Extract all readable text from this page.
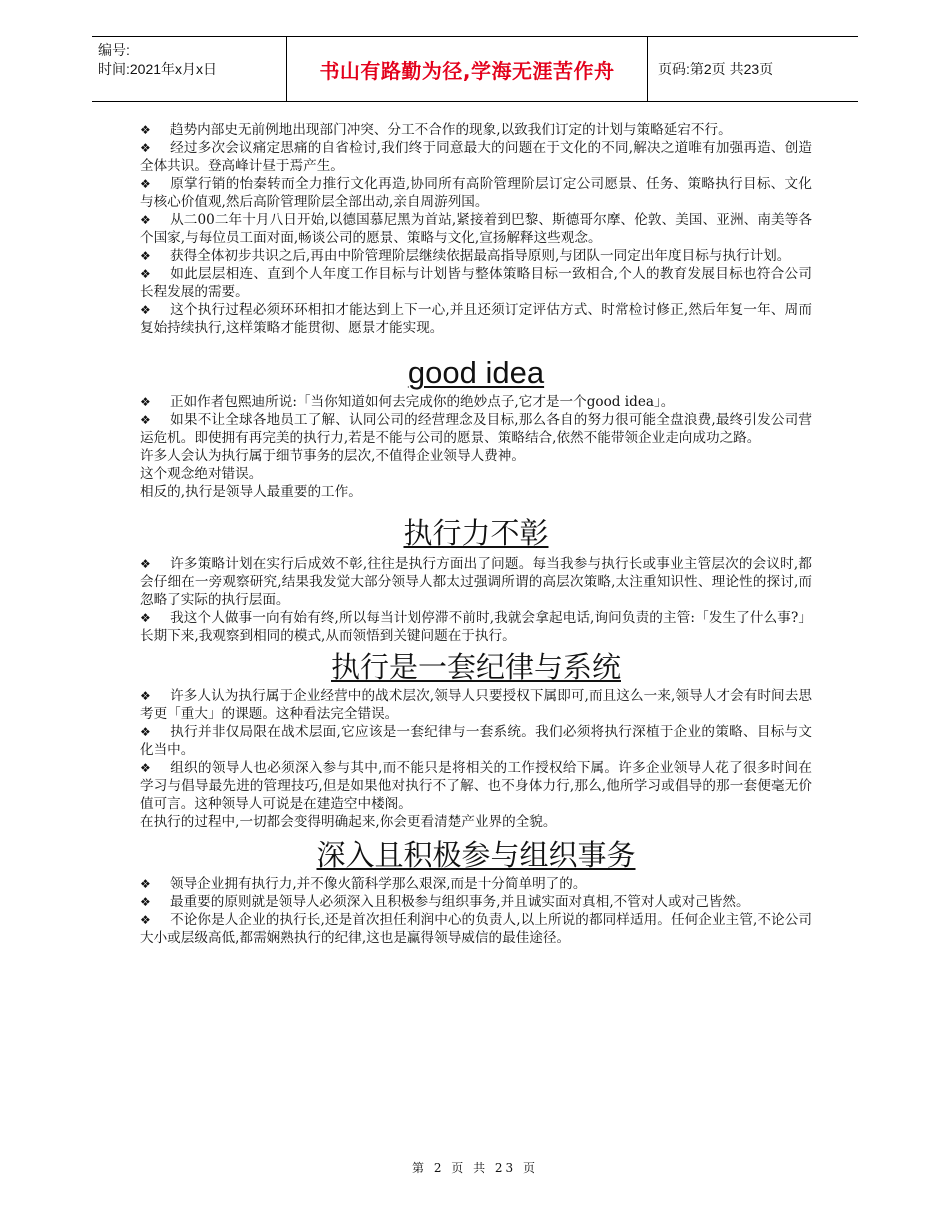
编号:
时间:2021年x月x日	书山有路勤为径,学海无涯苦作舟	页码:第2页 共23页

❖ 趋势内部史无前例地出现部门冲突、分工不合作的现象,以致我们订定的计划与策略延宕不行。

❖ 经过多次会议痛定思痛的自省检讨,我们终于同意最大的问题在于文化的不同,解决之道唯有加强再造、创造全体共识。登高峰计昼于焉产生。

❖ 原掌行销的怡秦转而全力推行文化再造,协同所有高阶管理阶层订定公司愿景、任务、策略执行目标、文化与核心价值观,然后高阶管理阶层全部出动,亲自周游列国。

❖ 从二00二年十月八日开始,以德国慕尼黑为首站,紧接着到巴黎、斯德哥尔摩、伦敦、美国、亚洲、南美等各个国家,与每位员工面对面,畅谈公司的愿景、策略与文化,宣扬解释这些观念。

❖ 获得全体初步共识之后,再由中阶管理阶层继续依据最高指导原则,与团队一同定出年度目标与执行计划。

❖ 如此层层相连、直到个人年度工作目标与计划皆与整体策略目标一致相合,个人的教育发展目标也符合公司长程发展的需要。

❖ 这个执行过程必须环环相扣才能达到上下一心,并且还须订定评估方式、时常检讨修正,然后年复一年、周而复始持续执行,这样策略才能贯彻、愿景才能实现。

good idea

❖ 正如作者包熙迪所说:「当你知道如何去完成你的绝妙点子,它才是一个good idea」。

❖ 如果不让全球各地员工了解、认同公司的经营理念及目标,那么各自的努力很可能全盘浪费,最终引发公司营运危机。即使拥有再完美的执行力,若是不能与公司的愿景、策略结合,依然不能带领企业走向成功之路。

许多人会认为执行属于细节事务的层次,不值得企业领导人费神。

这个观念绝对错误。

相反的,执行是领导人最重要的工作。

执行力不彰

❖ 许多策略计划在实行后成效不彰,往往是执行方面出了问题。每当我参与执行长或事业主管层次的会议时,都会仔细在一旁观察研究,结果我发觉大部分领导人都太过强调所谓的高层次策略,太注重知识性、理论性的探讨,而忽略了实际的执行层面。

❖ 我这个人做事一向有始有终,所以每当计划停滞不前时,我就会拿起电话,询问负责的主管:「发生了什么事?」长期下来,我观察到相同的模式,从而领悟到关键问题在于执行。

执行是一套纪律与系统

❖ 许多人认为执行属于企业经营中的战术层次,领导人只要授权下属即可,而且这么一来,领导人才会有时间去思考更「重大」的课题。这种看法完全错误。

❖ 执行并非仅局限在战术层面,它应该是一套纪律与一套系统。我们必须将执行深植于企业的策略、目标与文化当中。

❖ 组织的领导人也必须深入参与其中,而不能只是将相关的工作授权给下属。许多企业领导人花了很多时间在学习与倡导最先进的管理技巧,但是如果他对执行不了解、也不身体力行,那么,他所学习或倡导的那一套便毫无价值可言。这种领导人可说是在建造空中楼阁。

在执行的过程中,一切都会变得明确起来,你会更看清楚产业界的全貌。

深入且积极参与组织事务

❖ 领导企业拥有执行力,并不像火箭科学那么艰深,而是十分简单明了的。

❖ 最重要的原则就是领导人必须深入且积极参与组织事务,并且诚实面对真相,不管对人或对己皆然。

❖ 不论你是人企业的执行长,还是首次担任利润中心的负责人,以上所说的都同样适用。任何企业主管,不论公司大小或层级高低,都需娴熟执行的纪律,这也是赢得领导威信的最佳途径。

第 2 页 共 23 页
